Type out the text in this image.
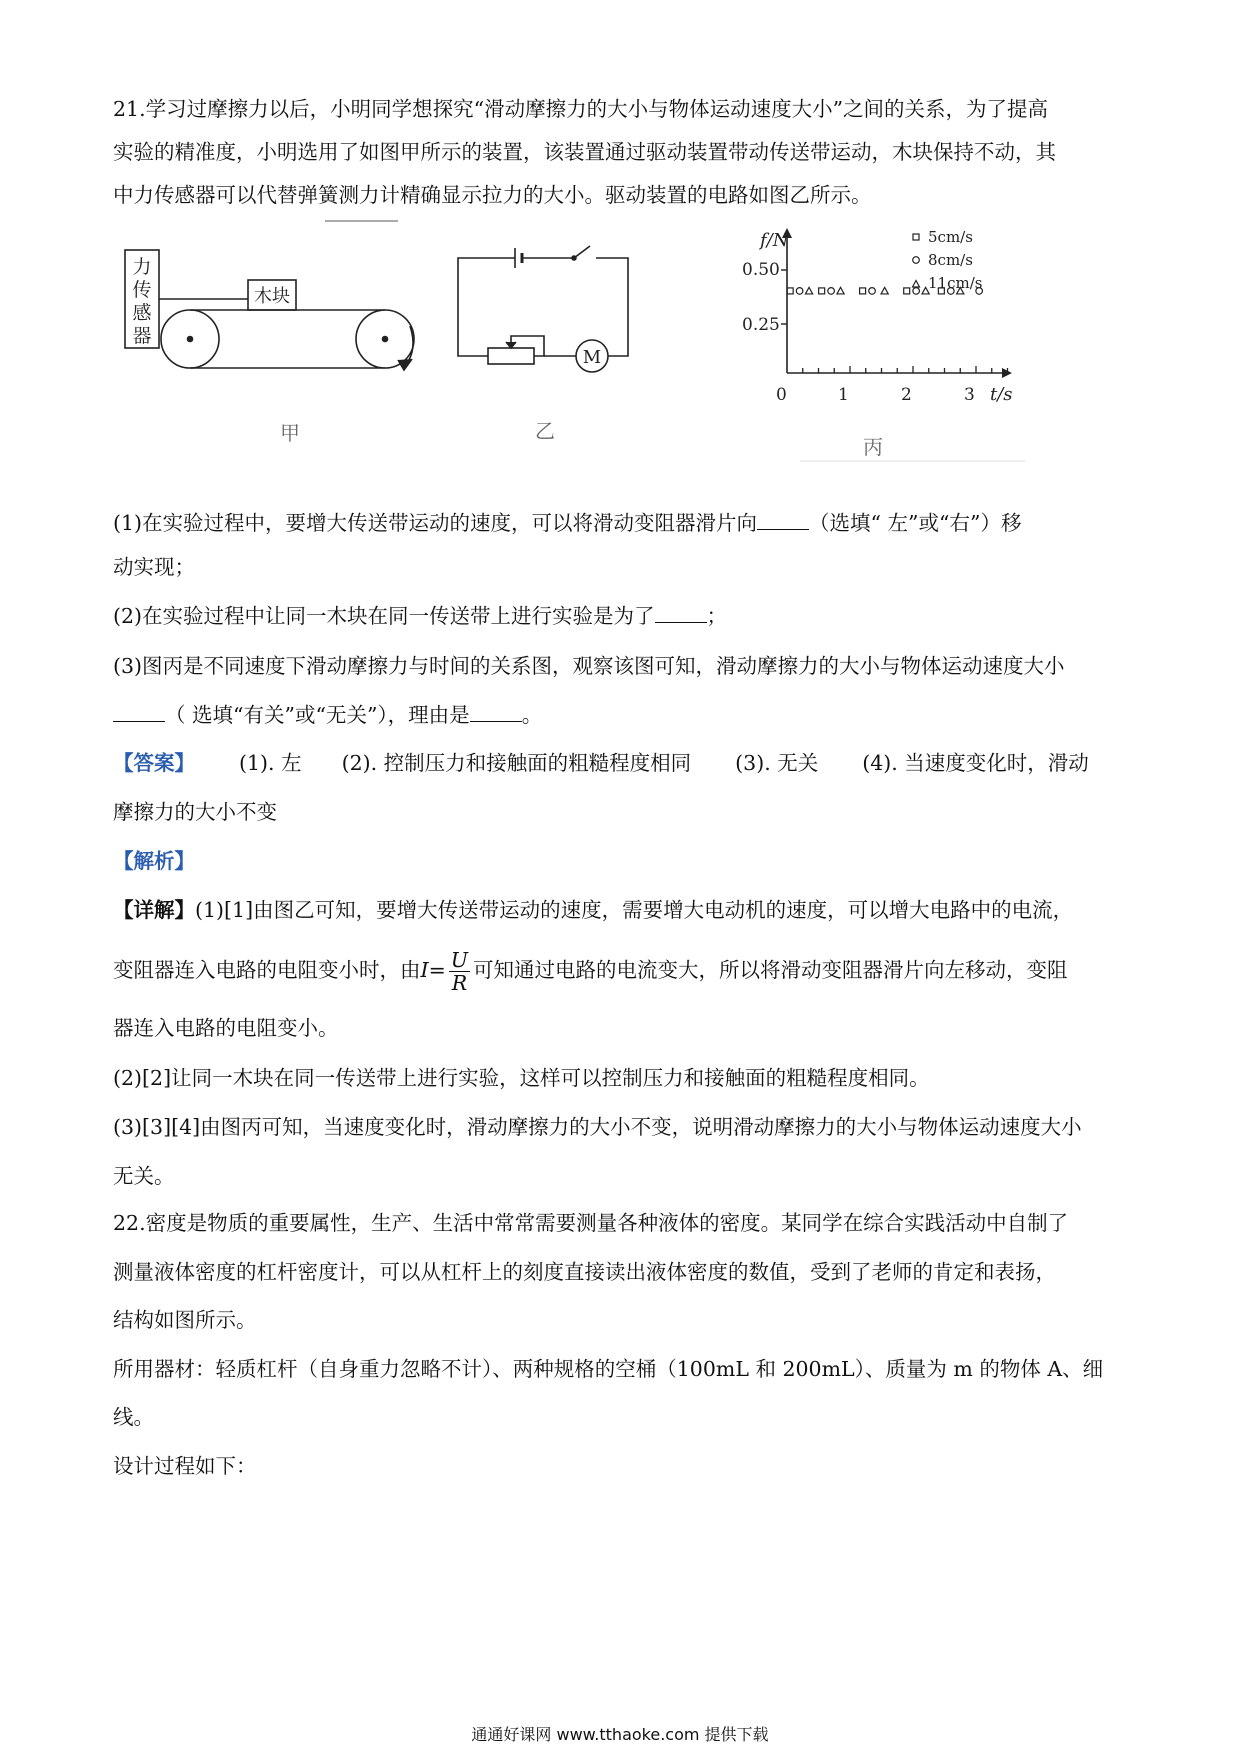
21.学习过摩擦力以后，小明同学想探究“滑动摩擦力的大小与物体运动速度大小”之间的关系，为了提高
实验的精准度，小明选用了如图甲所示的装置，该装置通过驱动装置带动传送带运动，木块保持不动，其
中力传感器可以代替弹簧测力计精确显示拉力的大小。驱动装置的电路如图乙所示。
力
传
感
器
木块
甲
M
乙
f/N
t/s
0.50
0.25
0	1	2	3
5cm/s
8cm/s
11cm/s
丙
(1)在实验过程中，要增大传送带运动的速度，可以将滑动变阻器滑片向	（选填“ 左”或“右”）移
动实现；
(2)在实验过程中让同一木块在同一传送带上进行实验是为了	；
(3)图丙是不同速度下滑动摩擦力与时间的关系图，观察该图可知，滑动摩擦力的大小与物体运动速度大小
（ 选填“有关”或“无关”），理由是	。
【答案】 (1). 左 (2). 控制压力和接触面的粗糙程度相同 (3). 无关 (4). 当速度变化时，滑动
摩擦力的大小不变
【解析】
【详解】(1)[1]由图乙可知，要增大传送带运动的速度，需要增大电动机的速度，可以增大电路中的电流，
变阻器连入电路的电阻变小时，由$I= \frac{U}{R}$ 可知通过电路的电流变大，所以将滑动变阻器滑片向左移动，变阻
器连入电路的电阻变小。
(2)[2]让同一木块在同一传送带上进行实验，这样可以控制压力和接触面的粗糙程度相同。
(3)[3][4]由图丙可知，当速度变化时，滑动摩擦力的大小不变，说明滑动摩擦力的大小与物体运动速度大小
无关。
22.密度是物质的重要属性，生产、生活中常常需要测量各种液体的密度。某同学在综合实践活动中自制了
测量液体密度的杠杆密度计，可以从杠杆上的刻度直接读出液体密度的数值，受到了老师的肯定和表扬，
结构如图所示。
所用器材：轻质杠杆（自身重力忽略不计）、两种规格的空桶（100mL 和 200mL）、质量为 m 的物体 A、细
线。
设计过程如下：
通通好课网 www.tthaoke.com 提供下载
